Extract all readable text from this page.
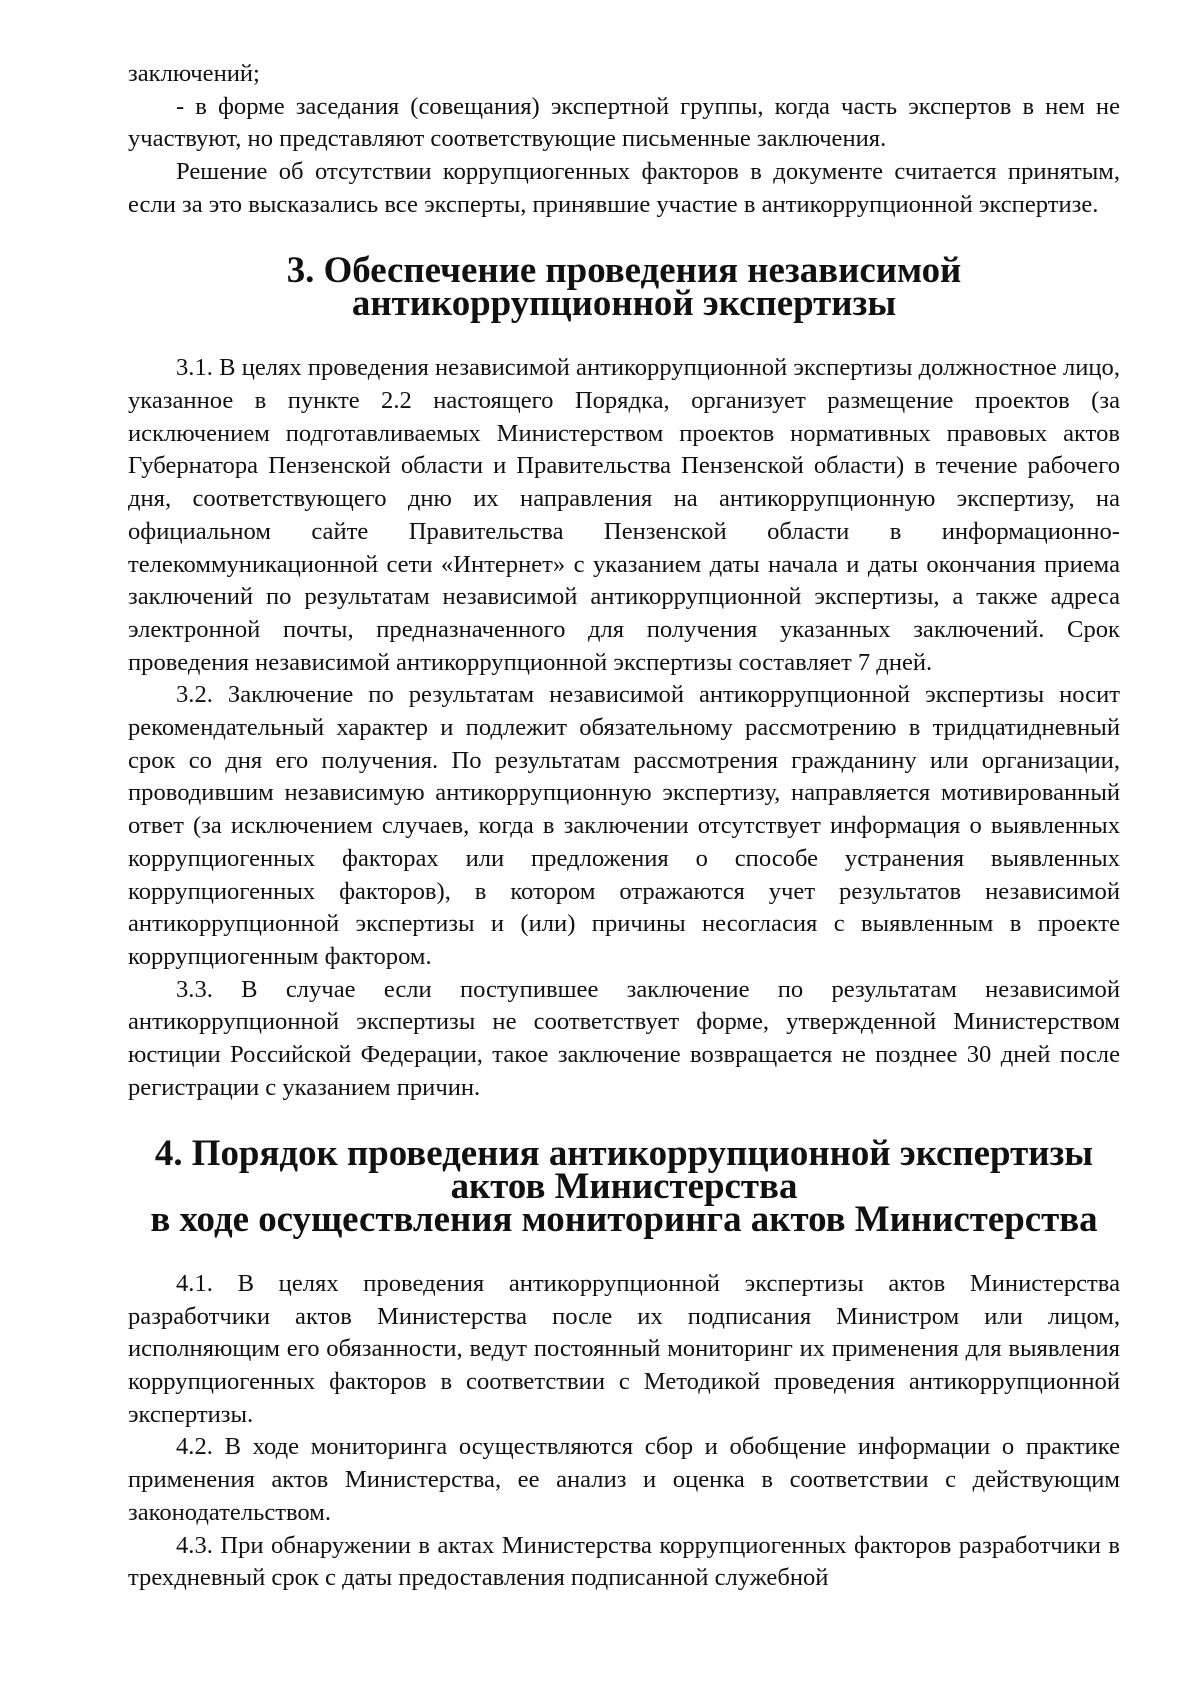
заключений;

- в форме заседания (совещания) экспертной группы, когда часть экспертов в нем не участвуют, но представляют соответствующие письменные заключения.

Решение об отсутствии коррупциогенных факторов в документе считается принятым, если за это высказались все эксперты, принявшие участие в антикоррупционной экспертизе.

3. Обеспечение проведения независимой антикоррупционной экспертизы

3.1. В целях проведения независимой антикоррупционной экспертизы должностное лицо, указанное в пункте 2.2 настоящего Порядка, организует размещение проектов (за исключением подготавливаемых Министерством проектов нормативных правовых актов Губернатора Пензенской области и Правительства Пензенской области) в течение рабочего дня, соответствующего дню их направления на антикоррупционную экспертизу, на официальном сайте Правительства Пензенской области в информационно-телекоммуникационной сети «Интернет» с указанием даты начала и даты окончания приема заключений по результатам независимой антикоррупционной экспертизы, а также адреса электронной почты, предназначенного для получения указанных заключений. Срок проведения независимой антикоррупционной экспертизы составляет 7 дней.

3.2. Заключение по результатам независимой антикоррупционной экспертизы носит рекомендательный характер и подлежит обязательному рассмотрению в тридцатидневный срок со дня его получения. По результатам рассмотрения гражданину или организации, проводившим независимую антикоррупционную экспертизу, направляется мотивированный ответ (за исключением случаев, когда в заключении отсутствует информация о выявленных коррупциогенных факторах или предложения о способе устранения выявленных коррупциогенных факторов), в котором отражаются учет результатов независимой антикоррупционной экспертизы и (или) причины несогласия с выявленным в проекте коррупциогенным фактором.

3.3. В случае если поступившее заключение по результатам независимой антикоррупционной экспертизы не соответствует форме, утвержденной Министерством юстиции Российской Федерации, такое заключение возвращается не позднее 30 дней после регистрации с указанием причин.

4. Порядок проведения антикоррупционной экспертизы актов Министерства
в ходе осуществления мониторинга актов Министерства

4.1. В целях проведения антикоррупционной экспертизы актов Министерства разработчики актов Министерства после их подписания Министром или лицом, исполняющим его обязанности, ведут постоянный мониторинг их применения для выявления коррупциогенных факторов в соответствии с Методикой проведения антикоррупционной экспертизы.

4.2. В ходе мониторинга осуществляются сбор и обобщение информации о практике применения актов Министерства, ее анализ и оценка в соответствии с действующим законодательством.

4.3. При обнаружении в актах Министерства коррупциогенных факторов разработчики в трехдневный срок с даты предоставления подписанной служебной
